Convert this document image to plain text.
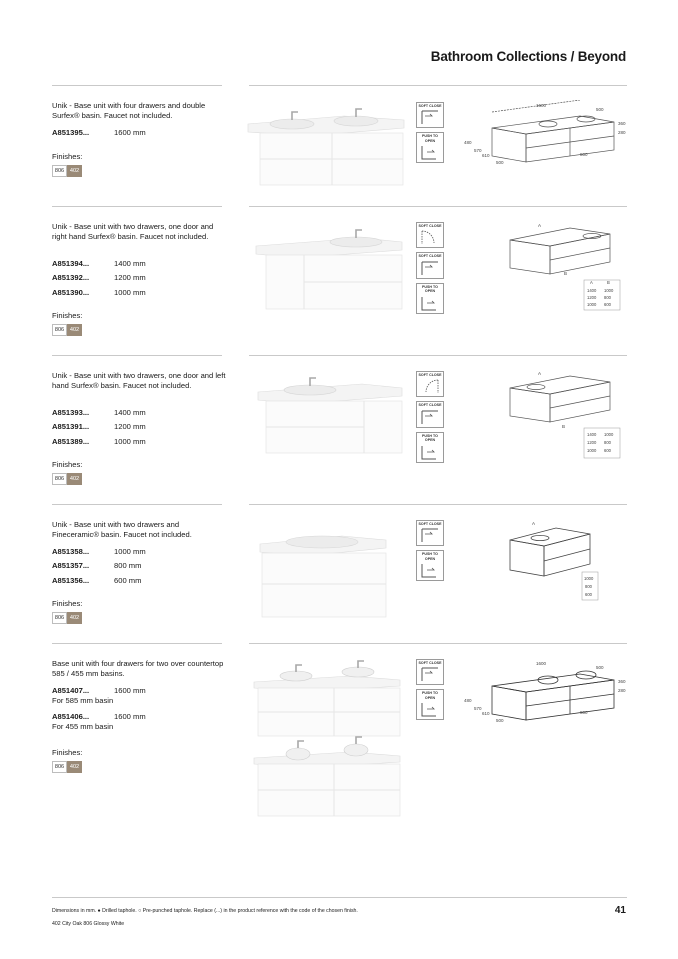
Bathroom Collections / Beyond
Unik - Base unit with four drawers and double Surfex® basin. Faucet not included.
A851395...	1600 mm
Finishes:
806	402
SOFT CLOSE
PUSH TO OPEN
1600
500
480
570
610
500
800
360
280
Unik - Base unit with two drawers, one door and right hand Surfex® basin. Faucet not included.
A851394...	1400 mm
A851392...	1200 mm
A851390...	1000 mm
Finishes:
806	402
SOFT CLOSE
SOFT CLOSE
PUSH TO OPEN
A
B
A	B
1400 1000
1200 800
1000 600
Unik - Base unit with two drawers, one door and left hand Surfex® basin. Faucet not included.
A851393...	1400 mm
A851391...	1200 mm
A851389...	1000 mm
Finishes:
806	402
SOFT CLOSE
SOFT CLOSE
PUSH TO OPEN
A
B
1400 1000
1200 800
1000 600
Unik - Base unit with two drawers and Fineceramic® basin. Faucet not included.
A851358...	1000 mm
A851357...	800 mm
A851356...	600 mm
Finishes:
806	402
SOFT CLOSE
PUSH TO OPEN
A
1000
800
600
Base unit with four drawers for two over countertop 585 / 455 mm basins.
A851407...	1600 mm
For 585 mm basin
A851406...	1600 mm
For 455 mm basin
Finishes:
806	402
SOFT CLOSE
PUSH TO OPEN
1600
500
480
570
610
500
800
360
280
Dimensions in mm. ● Drilled taphole. ○ Pre-punched taphole. Replace (...) in the product reference with the code of the chosen finish.
402 City Oak 806 Glossy White
41
